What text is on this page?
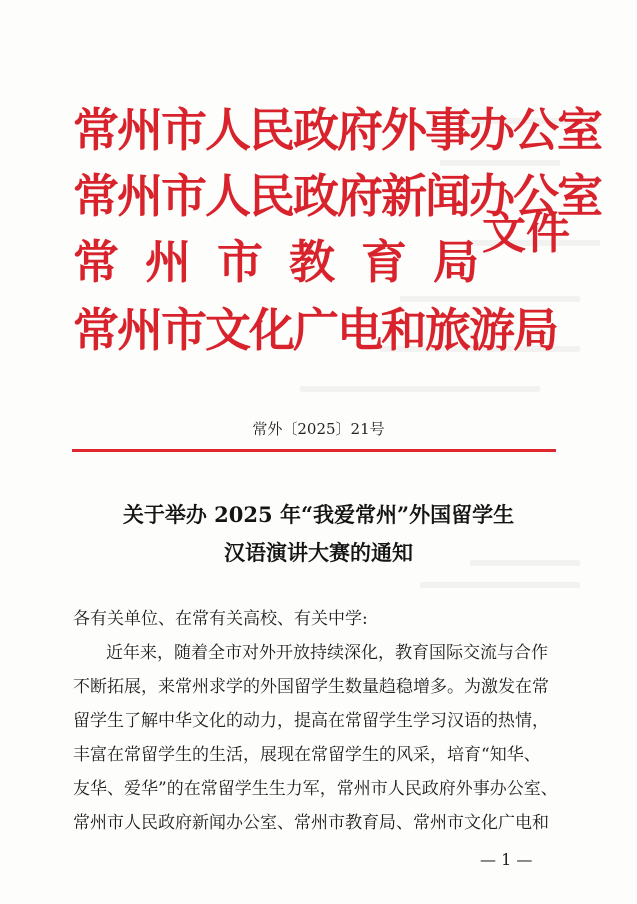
常州市人民政府外事办公室
常州市人民政府新闻办公室
常州市教育局
常州市文化广电和旅游局
文件
常外〔2025〕21号
关于举办 2025 年“我爱常州”外国留学生
汉语演讲大赛的通知
各有关单位、在常有关高校、有关中学:
近年来，随着全市对外开放持续深化，教育国际交流与合作
不断拓展，来常州求学的外国留学生数量趋稳增多。为激发在常
留学生了解中华文化的动力，提高在常留学生学习汉语的热情，
丰富在常留学生的生活，展现在常留学生的风采，培育“知华、
友华、爱华”的在常留学生生力军，常州市人民政府外事办公室、
常州市人民政府新闻办公室、常州市教育局、常州市文化广电和
— 1 —
